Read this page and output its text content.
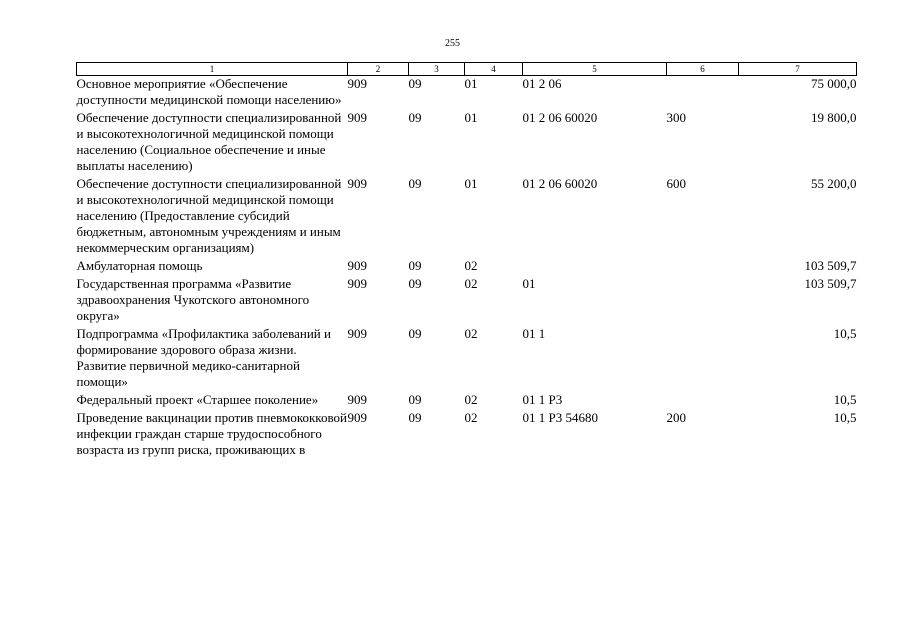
255
1	2	3	4	5	6	7
Основное мероприятие «Обеспечение доступности медицинской помощи населению»	909	09	01	01 2 06		75 000,0
Обеспечение доступности специализированной и высокотехнологичной медицинской помощи населению (Социальное обеспечение и иные выплаты населению)	909	09	01	01 2 06 60020	300	19 800,0
Обеспечение доступности специализированной и высокотехнологичной медицинской помощи населению (Предоставление субсидий бюджетным, автономным учреждениям и иным некоммерческим организациям)	909	09	01	01 2 06 60020	600	55 200,0
Амбулаторная помощь	909	09	02			103 509,7
Государственная программа «Развитие здравоохранения Чукотского автономного округа»	909	09	02	01		103 509,7
Подпрограмма «Профилактика заболеваний и формирование здорового образа жизни. Развитие первичной медико-санитарной помощи»	909	09	02	01 1		10,5
Федеральный проект «Старшее поколение»	909	09	02	01 1 P3		10,5
Проведение вакцинации против пневмококковой инфекции граждан старше трудоспособного возраста из групп риска, проживающих в	909	09	02	01 1 P3 54680	200	10,5
